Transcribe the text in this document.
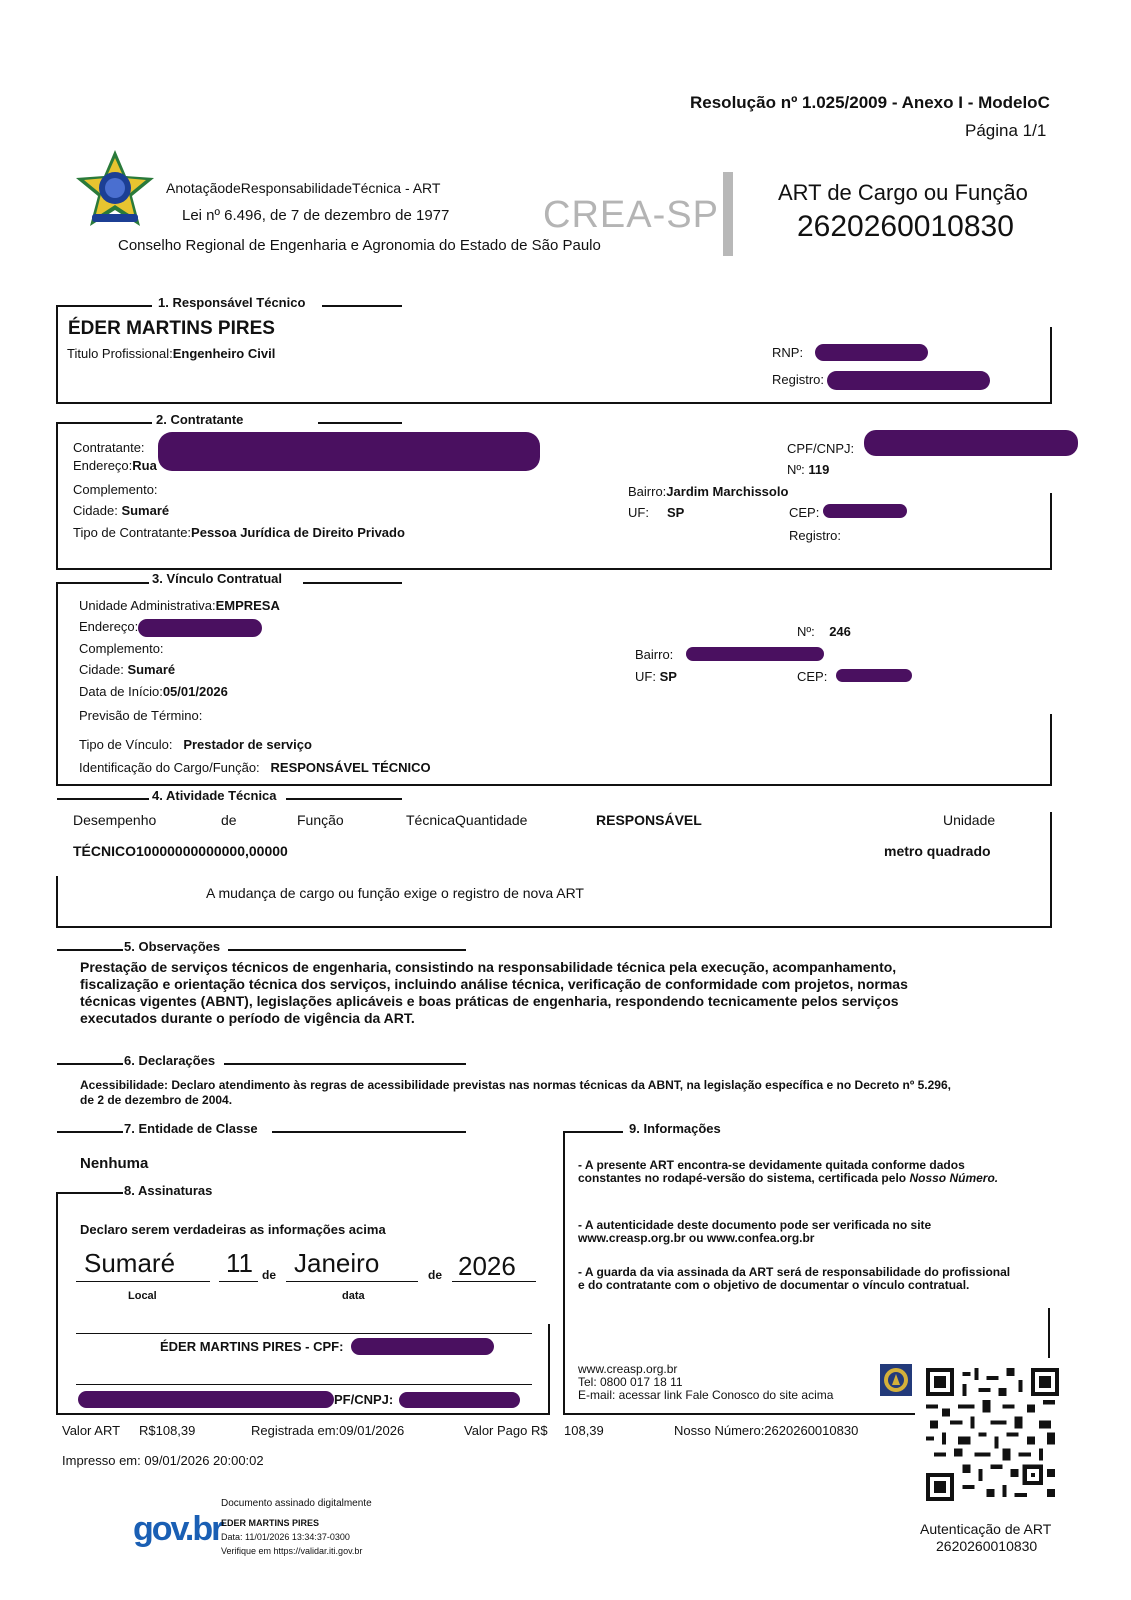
Resolução nº 1.025/2009 - Anexo I - ModeloC
Página 1/1
AnotaçãodeResponsabilidadeTécnica - ART
Lei nº 6.496, de 7 de dezembro de 1977
Conselho Regional de Engenharia e Agronomia do Estado de São Paulo
CREA-SP
ART de Cargo ou Função
2620260010830
1. Responsável Técnico
ÉDER MARTINS PIRES
Titulo Profissional:Engenheiro Civil	RNP:
Registro:
2. Contratante
Contratante:
Endereço:Rua
Complemento:
Cidade: Sumaré
Tipo de Contratante:Pessoa Jurídica de Direito Privado
CPF/CNPJ:
Nº: 119
Bairro:Jardim Marchissolo
UF: SP	CEP:
Registro:
3. Vínculo Contratual
Unidade Administrativa:EMPRESA
Endereço:
Complemento:
Cidade: Sumaré
Data de Início:05/01/2026
Previsão de Término:
Tipo de Vínculo: Prestador de serviço
Identificação do Cargo/Função: RESPONSÁVEL TÉCNICO
Nº: 246
Bairro:
UF: SP	CEP:
4. Atividade Técnica
Desempenho	de	Função	TécnicaQuantidade	RESPONSÁVEL	Unidade
TÉCNICO10000000000000,00000	metro quadrado
A mudança de cargo ou função exige o registro de nova ART
5. Observações
Prestação de serviços técnicos de engenharia, consistindo na responsabilidade técnica pela execução, acompanhamento,
fiscalização e orientação técnica dos serviços, incluindo análise técnica, verificação de conformidade com projetos, normas
técnicas vigentes (ABNT), legislações aplicáveis e boas práticas de engenharia, respondendo tecnicamente pelos serviços
executados durante o período de vigência da ART.
6. Declarações
Acessibilidade: Declaro atendimento às regras de acessibilidade previstas nas normas técnicas da ABNT, na legislação específica e no Decreto nº 5.296,
de 2 de dezembro de 2004.
7. Entidade de Classe
Nenhuma
8. Assinaturas
Declaro serem verdadeiras as informações acima
Sumaré 11 de Janeiro	de 2026
Local	data
ÉDER MARTINS PIRES - CPF:
PF/CNPJ:
9. Informações
- A presente ART encontra-se devidamente quitada conforme dados
constantes no rodapé-versão do sistema, certificada pelo Nosso Número.
- A autenticidade deste documento pode ser verificada no site
www.creasp.org.br ou www.confea.org.br
- A guarda da via assinada da ART será de responsabilidade do profissional
e do contratante com o objetivo de documentar o vínculo contratual.
www.creasp.org.br
Tel: 0800 017 18 11
E-mail: acessar link Fale Conosco do site acima
Valor ART R$108,39	Registrada em:09/01/2026	Valor Pago R$ 108,39	Nosso Número:2620260010830
Impresso em: 09/01/2026 20:00:02
gov.br
Documento assinado digitalmente
EDER MARTINS PIRES
Data: 11/01/2026 13:34:37-0300
Verifique em https://validar.iti.gov.br
Autenticação de ART
2620260010830
